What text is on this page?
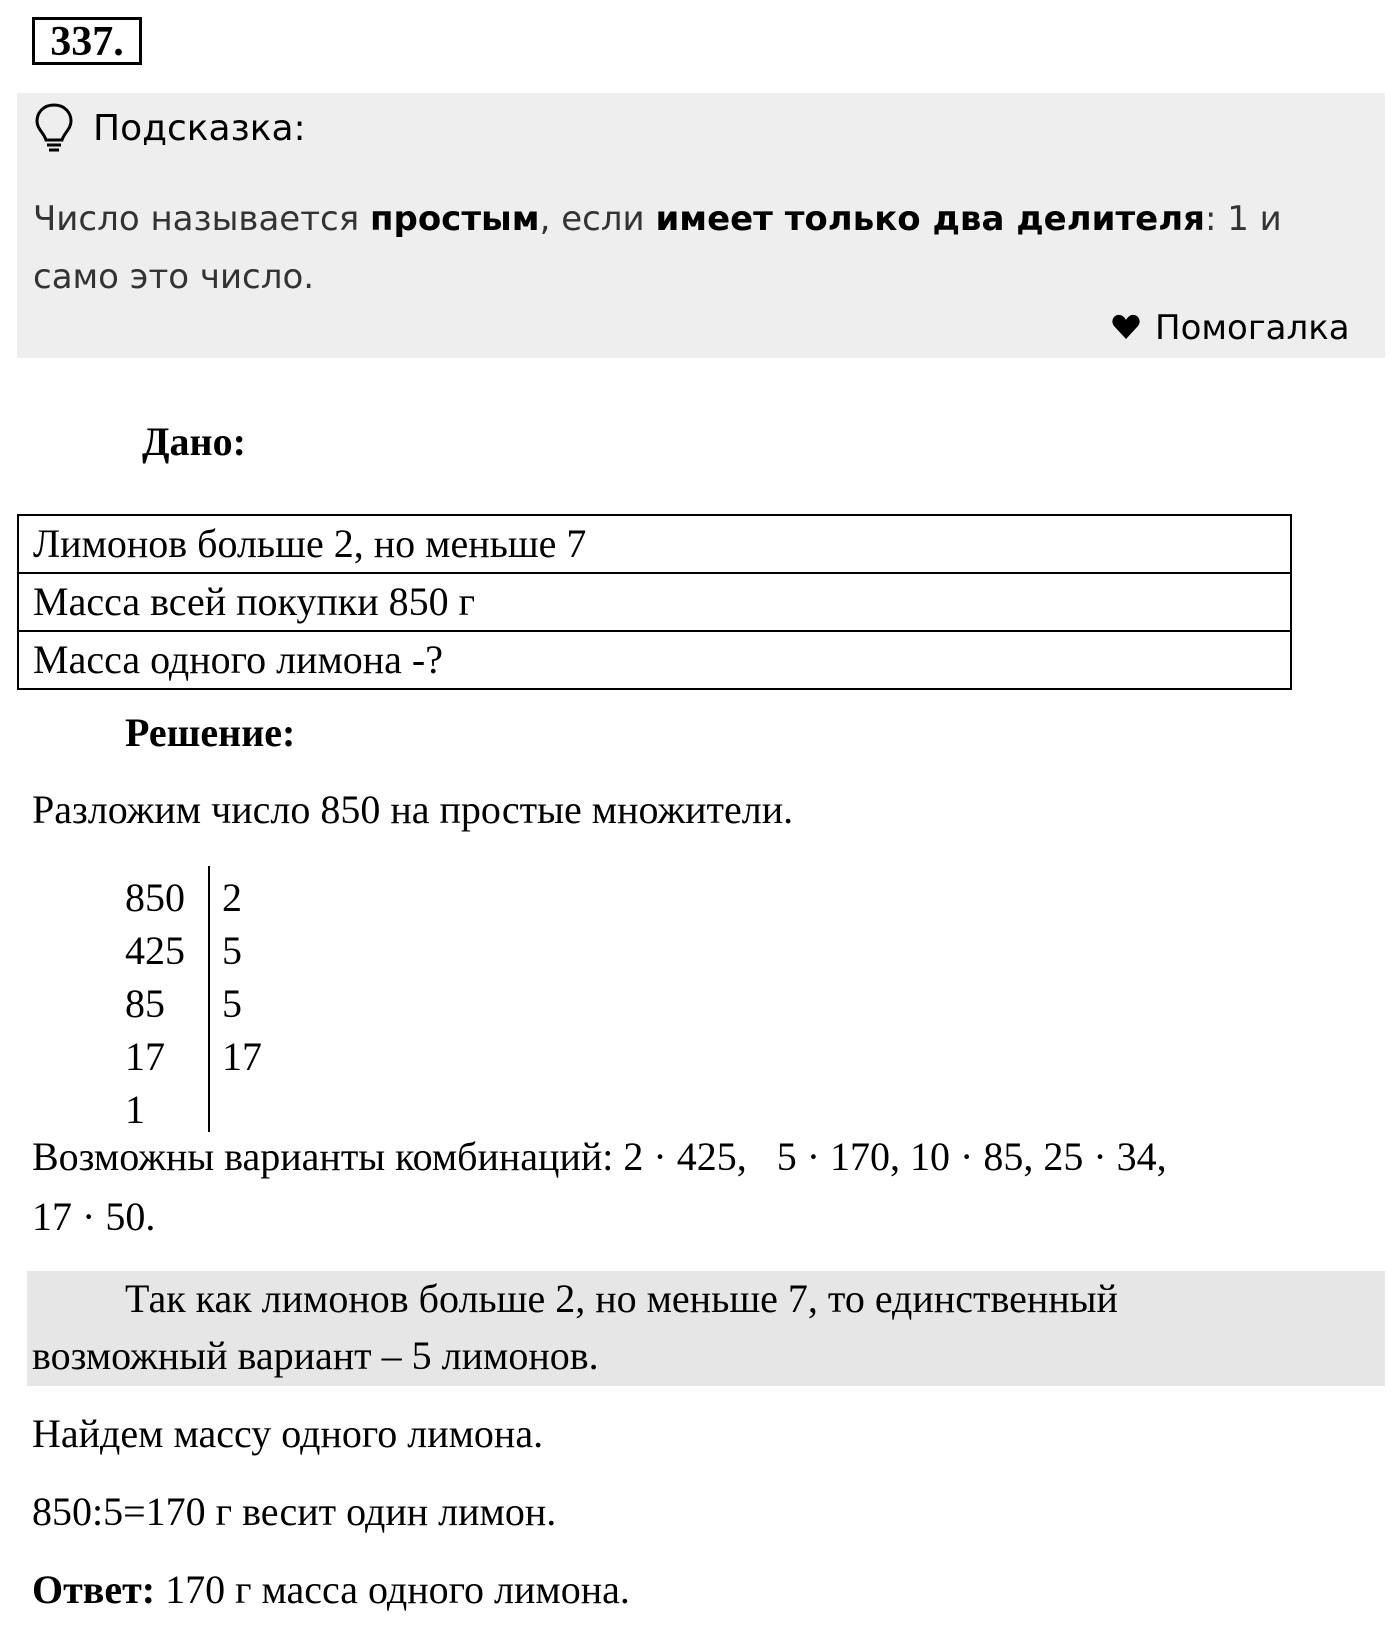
337.
Подсказка:
Число называется простым, если имеет только два делителя: 1 и само это число.
Помогалка
Дано:
Лимонов больше 2, но меньше 7
Масса всей покупки 850 г
Масса одного лимона -?
Решение:
Разложим число 850 на простые множители.
850 2
425 5
85	5
17	17
1
Возможны варианты комбинаций: 2 · 425,   5 · 170, 10 · 85, 25 · 34,
17 · 50.
Так как лимонов больше 2, но меньше 7, то единственный
возможный вариант – 5 лимонов.
Найдем массу одного лимона.
850:5=170 г весит один лимон.
Ответ: 170 г масса одного лимона.
